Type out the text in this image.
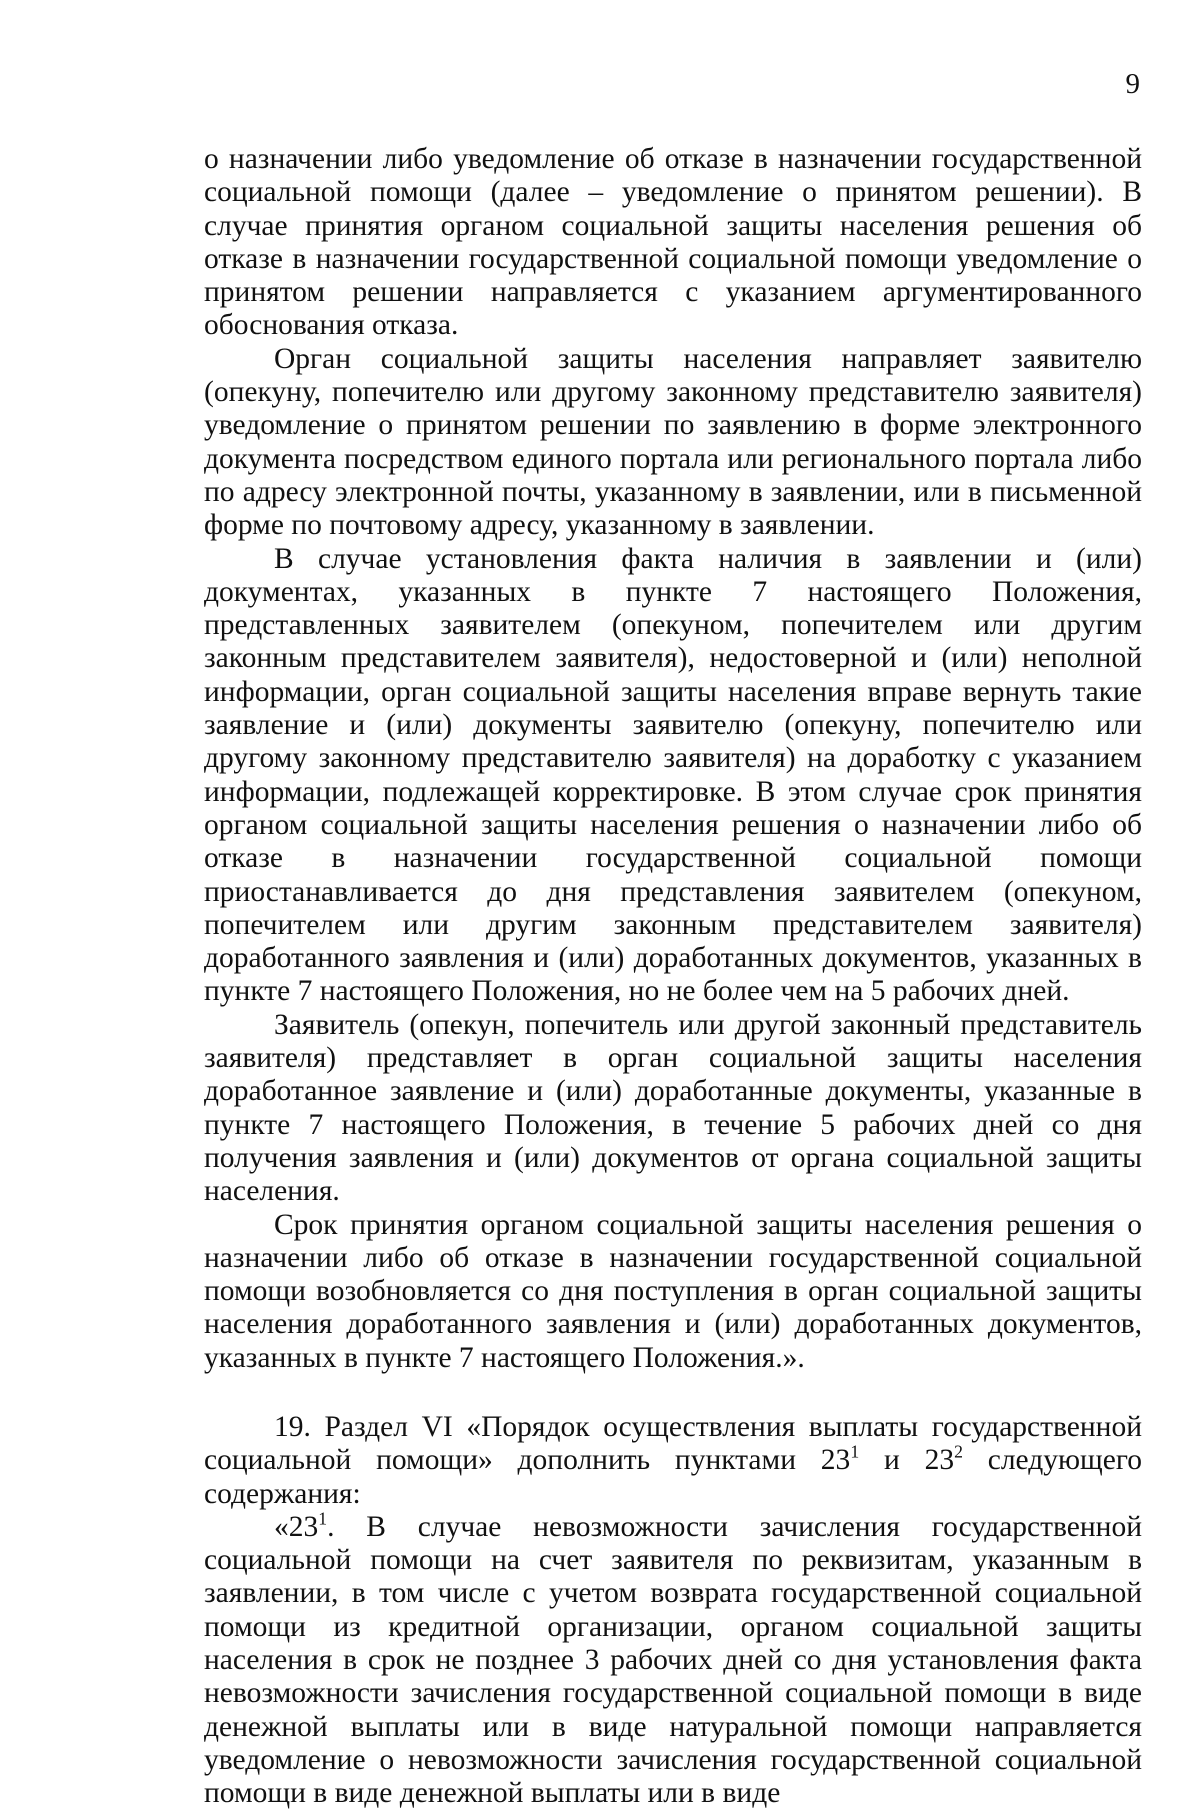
9

о назначении либо уведомление об отказе в назначении государственной социальной помощи (далее – уведомление о принятом решении). В случае принятия органом социальной защиты населения решения об отказе в назначении государственной социальной помощи уведомление о принятом решении направляется с указанием аргументированного обоснования отказа.

Орган социальной защиты населения направляет заявителю (опекуну, попечителю или другому законному представителю заявителя) уведомление о принятом решении по заявлению в форме электронного документа посредством единого портала или регионального портала либо по адресу электронной почты, указанному в заявлении, или в письменной форме по почтовому адресу, указанному в заявлении.

В случае установления факта наличия в заявлении и (или) документах, указанных в пункте 7 настоящего Положения, представленных заявителем (опекуном, попечителем или другим законным представителем заявителя), недостоверной и (или) неполной информации, орган социальной защиты населения вправе вернуть такие заявление и (или) документы заявителю (опекуну, попечителю или другому законному представителю заявителя) на доработку с указанием информации, подлежащей корректировке. В этом случае срок принятия органом социальной защиты населения решения о назначении либо об отказе в назначении государственной социальной помощи приостанавливается до дня представления заявителем (опекуном, попечителем или другим законным представителем заявителя) доработанного заявления и (или) доработанных документов, указанных в пункте 7 настоящего Положения, но не более чем на 5 рабочих дней.

Заявитель (опекун, попечитель или другой законный представитель заявителя) представляет в орган социальной защиты населения доработанное заявление и (или) доработанные документы, указанные в пункте 7 настоящего Положения, в течение 5 рабочих дней со дня получения заявления и (или) документов от органа социальной защиты населения.

Срок принятия органом социальной защиты населения решения о назначении либо об отказе в назначении государственной социальной помощи возобновляется со дня поступления в орган социальной защиты населения доработанного заявления и (или) доработанных документов, указанных в пункте 7 настоящего Положения.».

19. Раздел VI «Порядок осуществления выплаты государственной социальной помощи» дополнить пунктами $23^1$ и $23^2$ следующего содержания:

«$23^1$. В случае невозможности зачисления государственной социальной помощи на счет заявителя по реквизитам, указанным в заявлении, в том числе с учетом возврата государственной социальной помощи из кредитной организации, органом социальной защиты населения в срок не позднее 3 рабочих дней со дня установления факта невозможности зачисления государственной социальной помощи в виде денежной выплаты или в виде натуральной помощи направляется уведомление о невозможности зачисления государственной социальной помощи в виде денежной выплаты или в виде
